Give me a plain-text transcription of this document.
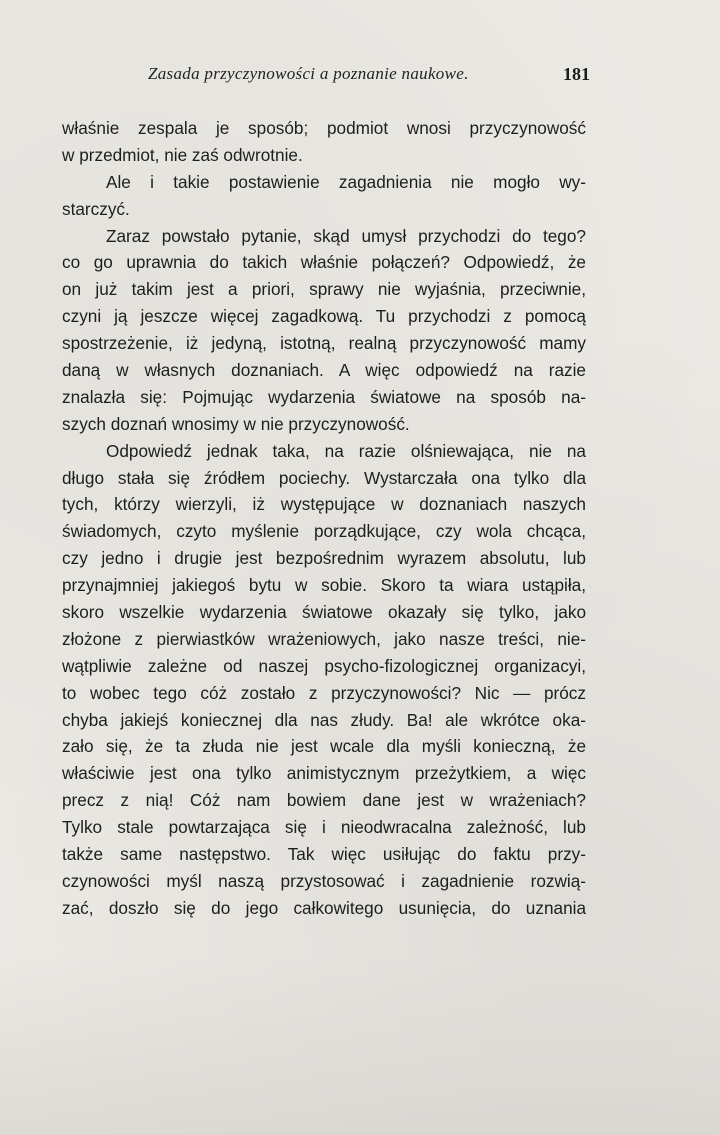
Zasada przyczynowości a poznanie naukowe.	181
właśnie zespala je sposób; podmiot wnosi przyczynowość
w przedmiot, nie zaś odwrotnie.
Ale i takie postawienie zagadnienia nie mogło wy-
starczyć.
Zaraz powstało pytanie, skąd umysł przychodzi do tego?
co go uprawnia do takich właśnie połączeń? Odpowiedź, że
on już takim jest a priori, sprawy nie wyjaśnia, przeciwnie,
czyni ją jeszcze więcej zagadkową. Tu przychodzi z pomocą
spostrzeżenie, iż jedyną, istotną, realną przyczynowość mamy
daną w własnych doznaniach. A więc odpowiedź na razie
znalazła się: Pojmując wydarzenia światowe na sposób na-
szych doznań wnosimy w nie przyczynowość.
Odpowiedź jednak taka, na razie olśniewająca, nie na
długo stała się źródłem pociechy. Wystarczała ona tylko dla
tych, którzy wierzyli, iż występujące w doznaniach naszych
świadomych, czyto myślenie porządkujące, czy wola chcąca,
czy jedno i drugie jest bezpośrednim wyrazem absolutu, lub
przynajmniej jakiegoś bytu w sobie. Skoro ta wiara ustąpiła,
skoro wszelkie wydarzenia światowe okazały się tylko, jako
złożone z pierwiastków wrażeniowych, jako nasze treści, nie-
wątpliwie zależne od naszej psycho-fizologicznej organizacyi,
to wobec tego cóż zostało z przyczynowości? Nic — prócz
chyba jakiejś koniecznej dla nas złudy. Ba! ale wkrótce oka-
zało się, że ta złuda nie jest wcale dla myśli konieczną, że
właściwie jest ona tylko animistycznym przeżytkiem, a więc
precz z nią! Cóż nam bowiem dane jest w wrażeniach?
Tylko stale powtarzająca się i nieodwracalna zależność, lub
także same następstwo. Tak więc usiłując do faktu przy-
czynowości myśl naszą przystosować i zagadnienie rozwią-
zać, doszło się do jego całkowitego usunięcia, do uznania
